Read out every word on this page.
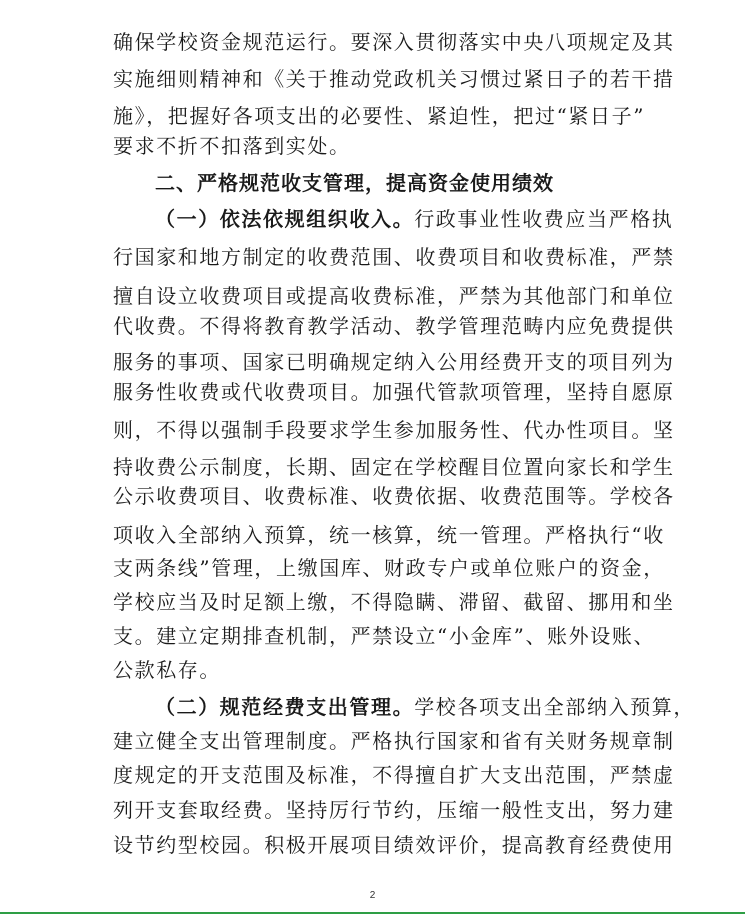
确保学校资金规范运行。要深入贯彻落实中央八项规定及其
实施细则精神和《关于推动党政机关习惯过紧日子的若干措
施》，把握好各项支出的必要性、紧迫性，把过“紧日子”
要求不折不扣落到实处。
二、严格规范收支管理，提高资金使用绩效
（一）依法依规组织收入。行政事业性收费应当严格执
行国家和地方制定的收费范围、收费项目和收费标准，严禁
擅自设立收费项目或提高收费标准，严禁为其他部门和单位
代收费。不得将教育教学活动、教学管理范畴内应免费提供
服务的事项、国家已明确规定纳入公用经费开支的项目列为
服务性收费或代收费项目。加强代管款项管理，坚持自愿原
则，不得以强制手段要求学生参加服务性、代办性项目。坚
持收费公示制度，长期、固定在学校醒目位置向家长和学生
公示收费项目、收费标准、收费依据、收费范围等。学校各
项收入全部纳入预算，统一核算，统一管理。严格执行“收
支两条线”管理，上缴国库、财政专户或单位账户的资金，
学校应当及时足额上缴，不得隐瞒、滞留、截留、挪用和坐
支。建立定期排查机制，严禁设立“小金库”、账外设账、
公款私存。
（二）规范经费支出管理。学校各项支出全部纳入预算，
建立健全支出管理制度。严格执行国家和省有关财务规章制
度规定的开支范围及标准，不得擅自扩大支出范围，严禁虚
列开支套取经费。坚持厉行节约，压缩一般性支出，努力建
设节约型校园。积极开展项目绩效评价，提高教育经费使用
2
